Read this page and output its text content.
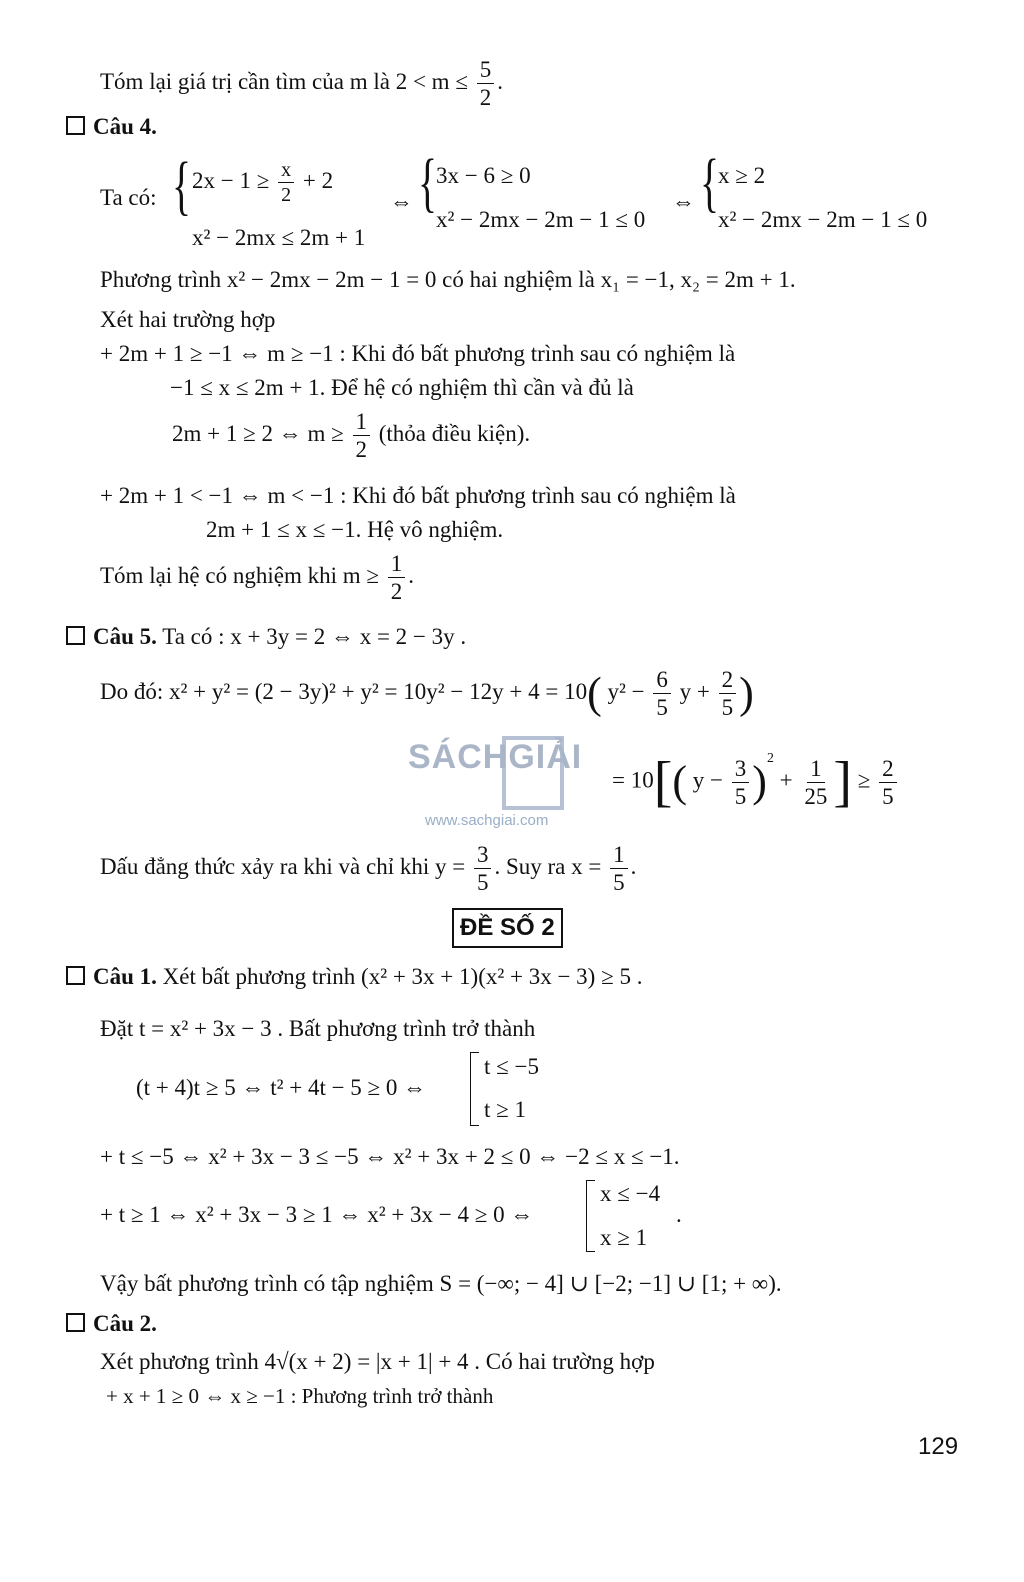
Tóm lại giá trị cần tìm của m là $2 < m \le \frac{5}{2}$ .
Câu 4.
Ta có: { $2x - 1 \ge \frac{x}{2} + 2$
x² − 2mx ≤ 2m + 1
⇔ {
3x − 6 ≥ 0
x² − 2mx − 2m − 1 ≤ 0
⇔ {
x ≥ 2
x² − 2mx − 2m − 1 ≤ 0
Phương trình x² − 2mx − 2m − 1 = 0 có hai nghiệm là x₁ = −1, x₂ = 2m + 1.
Xét hai trường hợp
+ 2m + 1 ≥ −1 ⇔ m ≥ −1 : Khi đó bất phương trình sau có nghiệm là
−1 ≤ x ≤ 2m + 1. Để hệ có nghiệm thì cần và đủ là
2m + 1 ≥ 2 ⇔ $m \ge \frac{1}{2}$ (thỏa điều kiện).
+ 2m + 1 < −1 ⇔ m < −1 : Khi đó bất phương trình sau có nghiệm là
2m + 1 ≤ x ≤ −1. Hệ vô nghiệm.
Tóm lại hệ có nghiệm khi $m \ge \frac{1}{2}$ .
Câu 5. Ta có : x + 3y = 2 ⇔ x = 2 − 3y .
Do đó: x² + y² = (2 − 3y)² + y² = 10y² − 12y + 4 = 10( $y^2 - \frac{6}{5}$ $y + \frac{2}{5}$ )
SÁCHGIẢI
www.sachgiai.com
= 10[( $y - \frac{3}{5} )^2 + \frac{1}{25}$ ] ≥ $\frac{2}{5}$
Dấu đẳng thức xảy ra khi và chỉ khi $y = \frac{3}{5}$ . Suy ra $x = \frac{1}{5}$ .
ĐỀ SỐ 2
Câu 1. Xét bất phương trình (x² + 3x + 1)(x² + 3x − 3) ≥ 5 .
Đặt t = x² + 3x − 3 . Bất phương trình trở thành
(t + 4)t ≥ 5 ⇔ t² + 4t − 5 ≥ 0 ⇔
t ≤ −5
t ≥ 1
+ t ≤ −5 ⇔ x² + 3x − 3 ≤ −5 ⇔ x² + 3x + 2 ≤ 0 ⇔ −2 ≤ x ≤ −1.
+ t ≥ 1 ⇔ x² + 3x − 3 ≥ 1 ⇔ x² + 3x − 4 ≥ 0 ⇔
x ≤ −4
x ≥ 1
.
Vậy bất phương trình có tập nghiệm S = (−∞; − 4] ∪ [−2; −1] ∪ [1; + ∞).
Câu 2.
Xét phương trình 4√(x + 2) = |x + 1| + 4 . Có hai trường hợp
+ x + 1 ≥ 0 ⇔ x ≥ −1 : Phương trình trở thành
129
